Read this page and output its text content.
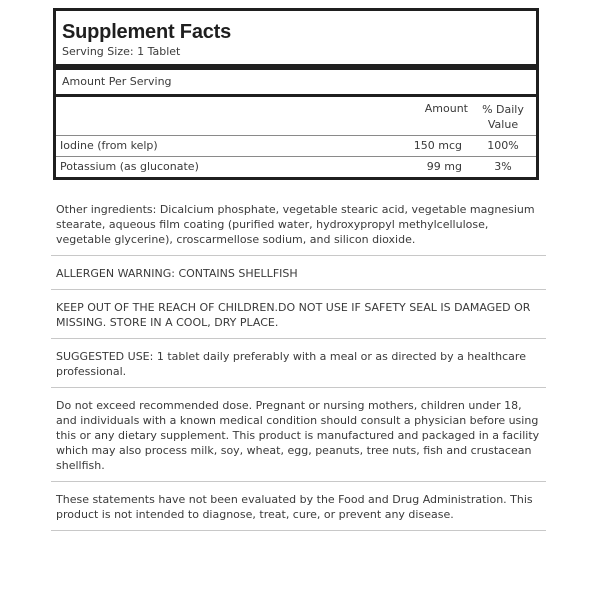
Supplement Facts
Serving Size: 1 Tablet
Amount Per Serving
	Amount	% Daily
Value
Iodine (from kelp)	150 mcg	100%
Potassium (as gluconate)	99 mg	3%
Other ingredients: Dicalcium phosphate, vegetable stearic acid, vegetable magnesium stearate, aqueous film coating (purified water, hydroxypropyl methylcellulose, vegetable glycerine), croscarmellose sodium, and silicon dioxide.
ALLERGEN WARNING: CONTAINS SHELLFISH
KEEP OUT OF THE REACH OF CHILDREN.DO NOT USE IF SAFETY SEAL IS DAMAGED OR MISSING. STORE IN A COOL, DRY PLACE.
SUGGESTED USE: 1 tablet daily preferably with a meal or as directed by a healthcare professional.
Do not exceed recommended dose. Pregnant or nursing mothers, children under 18, and individuals with a known medical condition should consult a physician before using this or any dietary supplement. This product is manufactured and packaged in a facility which may also process milk, soy, wheat, egg, peanuts, tree nuts, fish and crustacean shellfish.
These statements have not been evaluated by the Food and Drug Administration. This product is not intended to diagnose, treat, cure, or prevent any disease.
